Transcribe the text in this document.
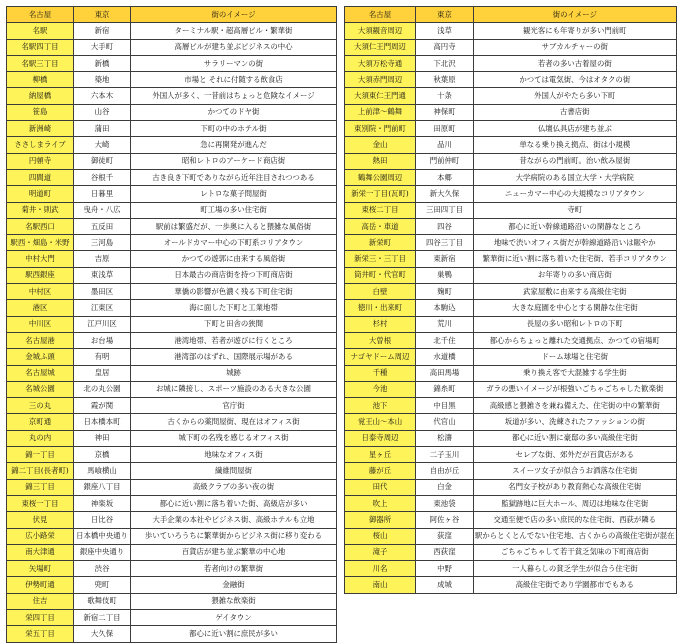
名古屋	東京	街のイメージ
名駅	新宿	ターミナル駅・超高層ビル・繁華街
名駅四丁目	大手町	高層ビルが建ち並ぶビジネスの中心
名駅三丁目	新橋	サラリーマンの街
柳橋	築地	市場と それに付随する飲食店
納屋橋	六本木	外国人が多く、一昔前はちょっと危険なイメージ
笹島	山谷	かつてのドヤ街
新洲崎	蒲田	下町の中のホテル街
ささしまライブ	大崎	急に再開発が進んだ
円頓寺	御徒町	昭和レトロのアーケード商店街
四間道	谷根千	古き良き下町でありながら近年注目されつつある
明道町	日暮里	レトロな菓子問屋街
菊井・則武	曳舟・八広	町工場の多い住宅街
名駅西口	五反田	駅前は繁盛だが、一歩奥に入ると猥雑な風俗街
駅西・畑島・米野	三河島	オールドカマー中心の下町系コリアタウン
中村大門	吉原	かつての遊郭に由来する風俗街
駅西銀座	東浅草	日本最古の商店街を持つ下町商店街
中村区	墨田区	華僑の影響が色濃く残る下町住宅街
港区	江東区	海に面した下町と工業地帯
中川区	江戸川区	下町と田舎の狭間
名古屋港	お台場	港湾地帯、若者が遊びに行くところ
金城ふ頭	有明	港湾部のはずれ、国際展示場がある
名古屋城	皇居	城跡
名城公園	北の丸公園	お城に隣接し、スポーツ施設のある大きな公園
三の丸	霞が関	官庁街
京町通	日本橋本町	古くからの薬問屋街、現在はオフィス街
丸の内	神田	城下町の名残を感じるオフィス街
錦一丁目	京橋	地味なオフィス街
錦二丁目(長者町)	馬喰横山	繊維問屋街
錦三丁目	銀座八丁目	高級クラブの多い夜の街
東桜一丁目	神楽坂	都心に近い割に落ち着いた街、高級店が多い
伏見	日比谷	大手企業の本社やビジネス街、高級ホテルも立地
広小路栄	日本橋中央通り	歩いていろうちに繁華街からビジネス街に移り変わる
南大津通	銀座中央通り	百貨店が建ち並ぶ繁華の中心地
矢場町	渋谷	若者向けの繁華街
伊勢町通	兜町	金融街
住吉	歌舞伎町	猥雑な飲楽街
栄四丁目	新宿二丁目	ゲイタウン
栄五丁目	大久保	都心に近い割に庶民が多い
名古屋	東京	街のイメージ
大須観音周辺	浅草	観光客にも年寄りが多い門前町
大須仁王門周辺	高円寺	サブカルチャーの街
大須万松寺通	下北沢	若者の多い古着屋の街
大須赤門周辺	秋葉原	かつては電気街、今はオタクの街
大須東仁王門通	十条	外国人がやたら多い下町
上前津〜鶴舞	神保町	古書店街
東別院・門前町	田原町	仏壇仏具店が建ち並ぶ
金山	品川	単なる乗り換え拠点、街は小規模
熱田	門前仲町	昔ながらの門前町。治い飲み屋街
鶴舞公園周辺	本郷	大学病院のある国立大学・大学病院
新栄一丁目(瓦町)	新大久保	ニューカマー中心の大規模なコリアタウン
東桜二丁目	三田四丁目	寺町
高岳・車道	四谷	都心に近い幹線通路沿いの閑静なところ
新栄町	四谷三丁目	地味で渋いオフィス街だが幹線道路沿いは賑やか
新栄三・三丁目	東新宿	繁華街に近い割に落ち着いた住宅街、若手コリアタウン
筒井町・代官町	巣鴨	お年寄りの多い商店街
白壁	麹町	武家屋敷に由来する高級住宅街
徳川・出来町	本駒込	大きな庭園を中心とする閑静な住宅街
杉村	荒川	長屋の多い昭和レトロの下町
大曽根	北千住	都心からちょっと離れた交通拠点、かつての宿場町
ナゴヤドーム周辺	水道橋	ドーム球場と住宅街
千種	高田馬場	乗り換え客で大混雑する学生街
今池	錦糸町	ガラの悪いイメージが根強いごちゃごちゃした歓楽街
池下	中目黒	高級感と猥雑さを兼ね備えた、住宅街の中の繁華街
覚王山〜本山	代官山	坂道が多い、洗練されたファッションの街
日泰寺周辺	松濤	都心に近い割に豪邸の多い高級住宅街
星ヶ丘	二子玉川	セレブな街、郊外だが百貨店がある
藤が丘	自由が丘	スイーツ女子が似合うお洒落な住宅街
田代	白金	名門女子校があり教育熱心な高級住宅街
吹上	東池袋	監獄跡地に巨大ホール、周辺は地味な住宅街
御器所	阿佐ヶ谷	交通至便で店の多い庶民的な住宅街、西荻が隣る
桜山	荻窪	駅からとくとんでない住宅地、古くからの高級住宅街が混在
滝子	西荻窪	ごちゃごちゃして若干貧乏気味の下町商店街
川名	中野	一人暮らしの貧乏学生が似合う住宅街
南山	成城	高級住宅街であり学園都市でもある
